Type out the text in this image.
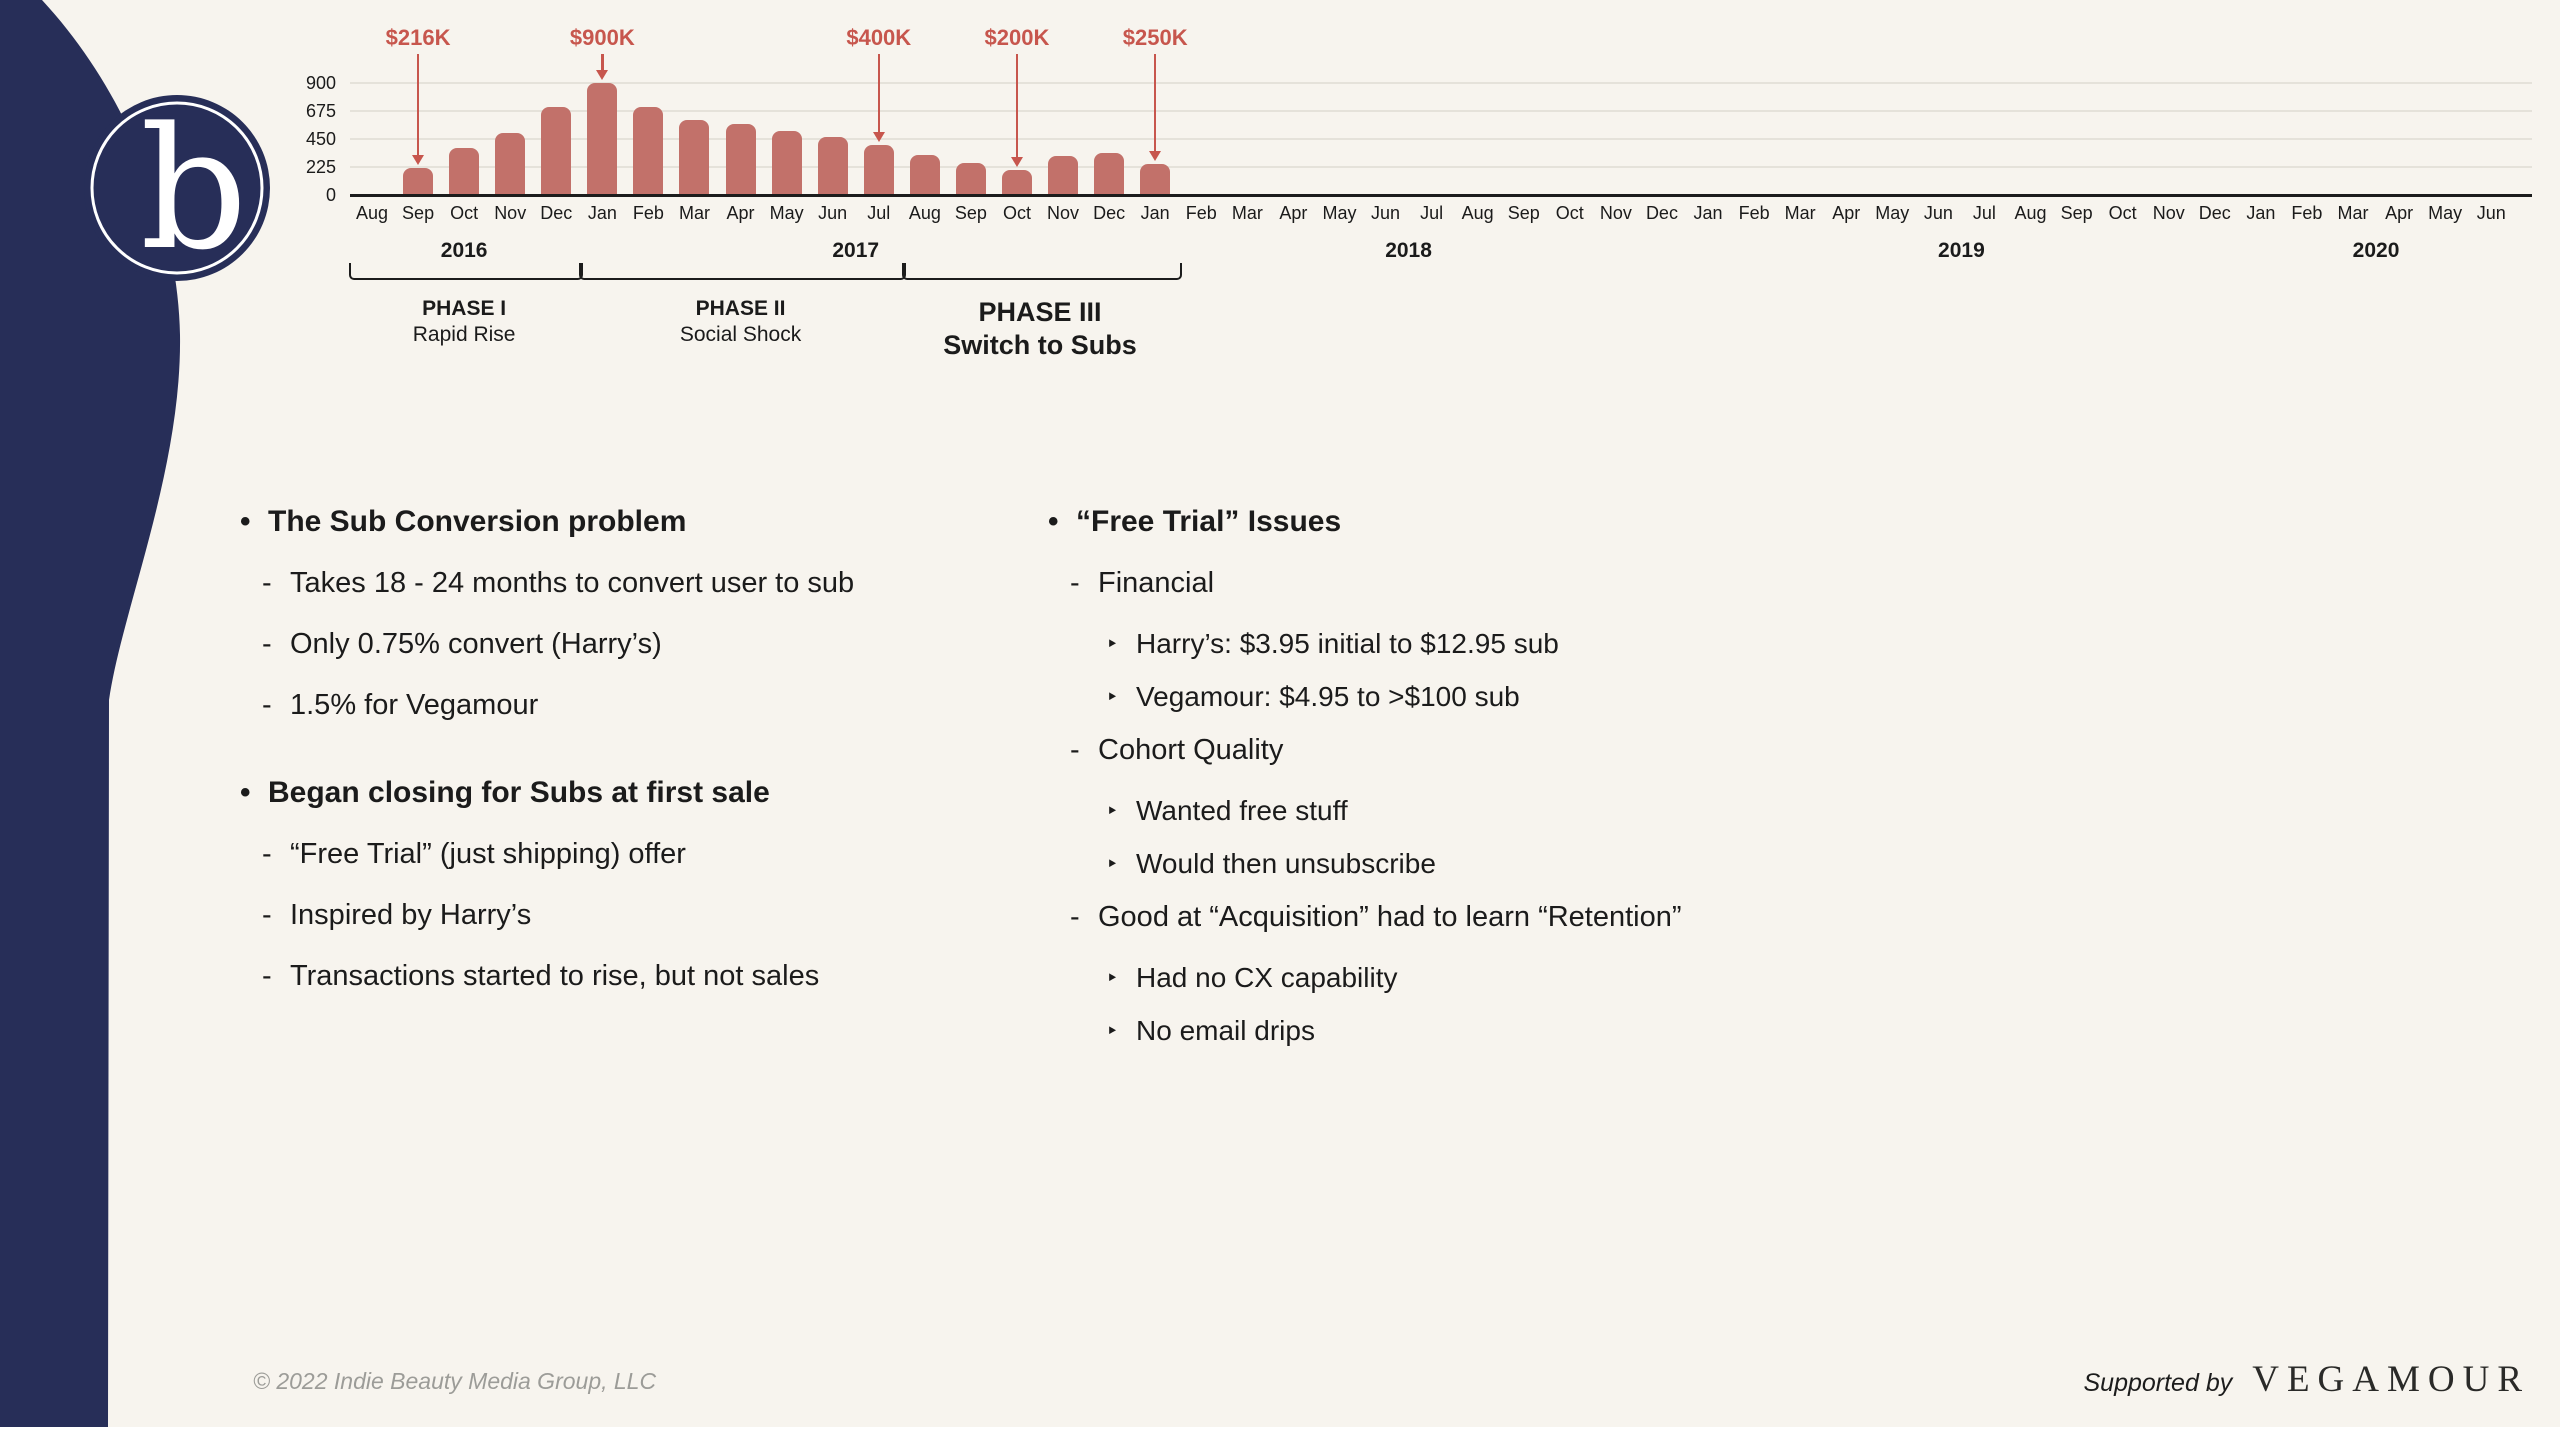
b	0
225
450
675
900
Aug Sep Oct Nov Dec Jan Feb Mar Apr May Jun	Jul	Aug Sep Oct Nov Dec Jan Feb Mar Apr May Jun	Jul	Aug Sep Oct Nov Dec Jan Feb Mar Apr May Jun	Jul	Aug Sep Oct Nov Dec Jan Feb Mar Apr May Jun
2016	2017	2018	2019	2020
$216K	$900K	$400K	$200K	$250K
PHASE I
Rapid Rise
PHASE II
Social Shock
PHASE III
Switch to Subs
• The Sub Conversion problem
- Takes 18 - 24 months to convert user to sub
- Only 0.75% convert (Harry’s)
- 1.5% for Vegamour
• Began closing for Subs at first sale
- “Free Trial” (just shipping) offer
- Inspired by Harry’s
- Transactions started to rise, but not sales
• “Free Trial” Issues
- Financial
‣ Harry’s: $3.95 initial to $12.95 sub
‣ Vegamour: $4.95 to >$100 sub
- Cohort Quality
‣ Wanted free stuff
‣ Would then unsubscribe
- Good at “Acquisition” had to learn “Retention”
‣ Had no CX capability
‣ No email drips
© 2022 Indie Beauty Media Group, LLC	Supported by VEGAMOUR
